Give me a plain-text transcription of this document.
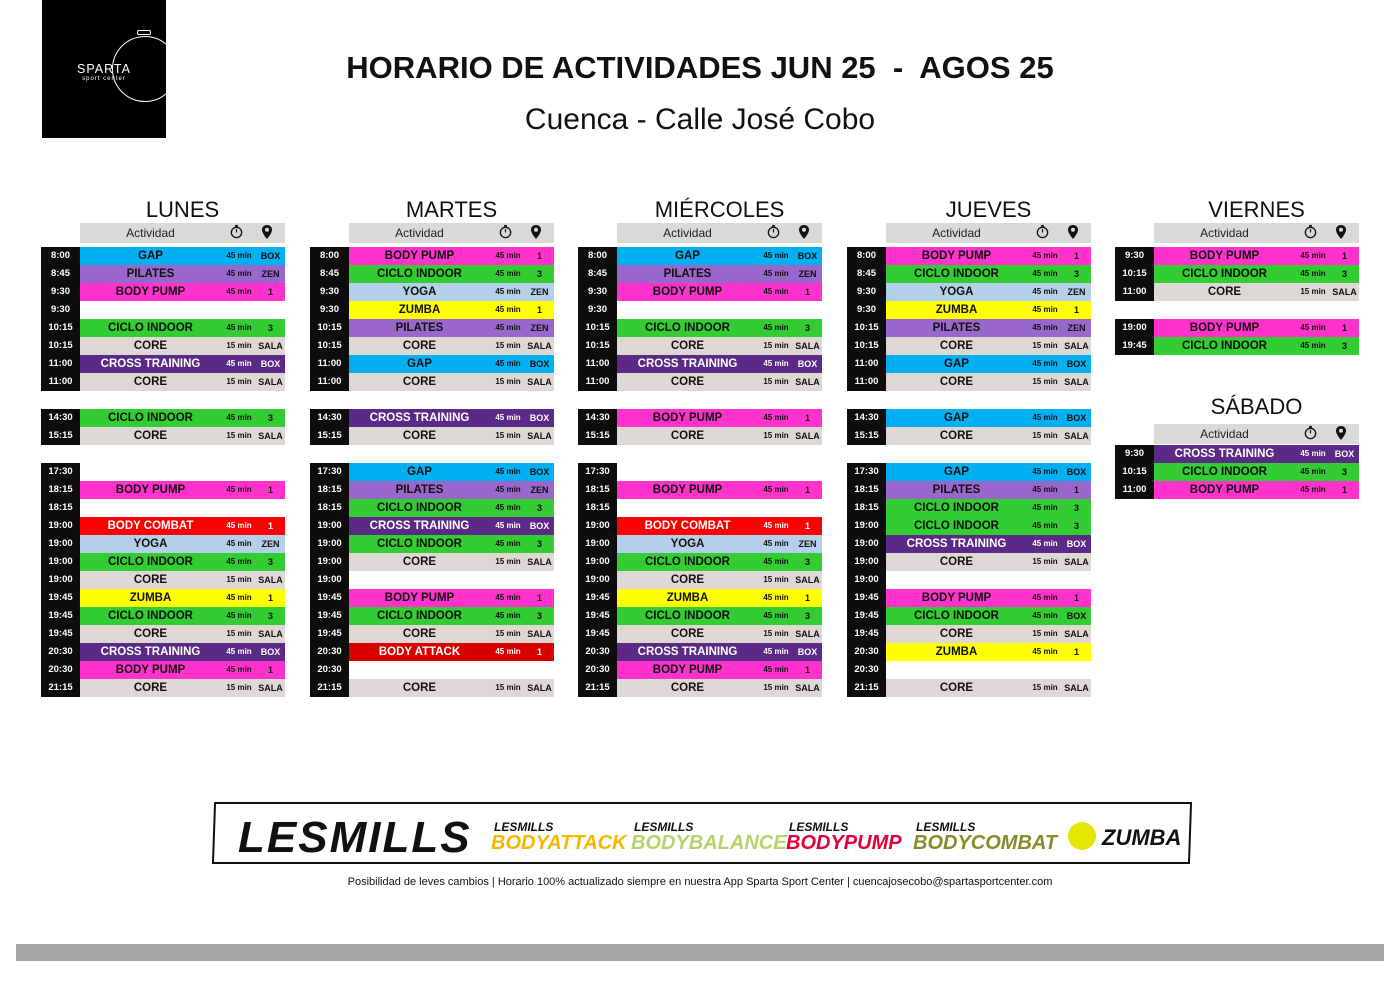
SPARTA
sport center	HORARIO DE ACTIVIDADES JUN 25  -  AGOS 25
Cuenca - Calle José Cobo
LUNES
Actividad
8:00	GAP	45 min	BOX
8:45	PILATES	45 min	ZEN
9:30	BODY PUMP	45 min	1
9:30
10:15	CICLO INDOOR	45 min	3
10:15	CORE	15 min SALA
11:00	CROSS TRAINING	45 min	BOX
11:00	CORE	15 min SALA
14:30	CICLO INDOOR	45 min	3
15:15	CORE	15 min SALA
17:30
18:15	BODY PUMP	45 min	1
18:15
19:00	BODY COMBAT	45 min	1
19:00	YOGA	45 min	ZEN
19:00	CICLO INDOOR	45 min	3
19:00	CORE	15 min SALA
19:45	ZUMBA	45 min	1
19:45	CICLO INDOOR	45 min	3
19:45	CORE	15 min SALA
20:30	CROSS TRAINING	45 min	BOX
20:30	BODY PUMP	45 min	1
21:15	CORE	15 min SALA
MARTES
Actividad
8:00	BODY PUMP	45 min	1
8:45	CICLO INDOOR	45 min	3
9:30	YOGA	45 min	ZEN
9:30	ZUMBA	45 min	1
10:15	PILATES	45 min	ZEN
10:15	CORE	15 min SALA
11:00	GAP	45 min	BOX
11:00	CORE	15 min SALA
14:30	CROSS TRAINING	45 min	BOX
15:15	CORE	15 min SALA
17:30	GAP	45 min	BOX
18:15	PILATES	45 min	ZEN
18:15	CICLO INDOOR	45 min	3
19:00	CROSS TRAINING	45 min	BOX
19:00	CICLO INDOOR	45 min	3
19:00	CORE	15 min SALA
19:00
19:45	BODY PUMP	45 min	1
19:45	CICLO INDOOR	45 min	3
19:45	CORE	15 min SALA
20:30	BODY ATTACK	45 min	1
20:30
21:15	CORE	15 min SALA
MIÉRCOLES
Actividad
8:00	GAP	45 min	BOX
8:45	PILATES	45 min	ZEN
9:30	BODY PUMP	45 min	1
9:30
10:15	CICLO INDOOR	45 min	3
10:15	CORE	15 min SALA
11:00	CROSS TRAINING	45 min	BOX
11:00	CORE	15 min SALA
14:30	BODY PUMP	45 min	1
15:15	CORE	15 min SALA
17:30
18:15	BODY PUMP	45 min	1
18:15
19:00	BODY COMBAT	45 min	1
19:00	YOGA	45 min	ZEN
19:00	CICLO INDOOR	45 min	3
19:00	CORE	15 min SALA
19:45	ZUMBA	45 min	1
19:45	CICLO INDOOR	45 min	3
19:45	CORE	15 min SALA
20:30	CROSS TRAINING	45 min	BOX
20:30	BODY PUMP	45 min	1
21:15	CORE	15 min SALA
JUEVES
Actividad
8:00	BODY PUMP	45 min	1
8:45	CICLO INDOOR	45 min	3
9:30	YOGA	45 min	ZEN
9:30	ZUMBA	45 min	1
10:15	PILATES	45 min	ZEN
10:15	CORE	15 min SALA
11:00	GAP	45 min	BOX
11:00	CORE	15 min SALA
14:30	GAP	45 min	BOX
15:15	CORE	15 min SALA
17:30	GAP	45 min	BOX
18:15	PILATES	45 min	1
18:15	CICLO INDOOR	45 min	3
19:00	CICLO INDOOR	45 min	3
19:00	CROSS TRAINING	45 min	BOX
19:00	CORE	15 min SALA
19:00
19:45	BODY PUMP	45 min	1
19:45	CICLO INDOOR	45 min	BOX
19:45	CORE	15 min SALA
20:30	ZUMBA	45 min	1
20:30
21:15	CORE	15 min SALA
VIERNES
Actividad
9:30	BODY PUMP	45 min	1
10:15	CICLO INDOOR	45 min	3
11:00	CORE	15 min SALA
19:00	BODY PUMP	45 min	1
19:45	CICLO INDOOR	45 min	3
SÁBADO
Actividad
9:30	CROSS TRAINING	45 min	BOX
10:15	CICLO INDOOR	45 min	3
11:00	BODY PUMP	45 min	1
LESMILLS LESMILLS
BODYATTACK
LESMILLS
BODYBALANCE
LESMILLS
BODYPUMP
LESMILLS
BODYCOMBAT ZUMBA
Posibilidad de leves cambios | Horario 100% actualizado siempre en nuestra App Sparta Sport Center | cuencajosecobo@spartasportcenter.com
